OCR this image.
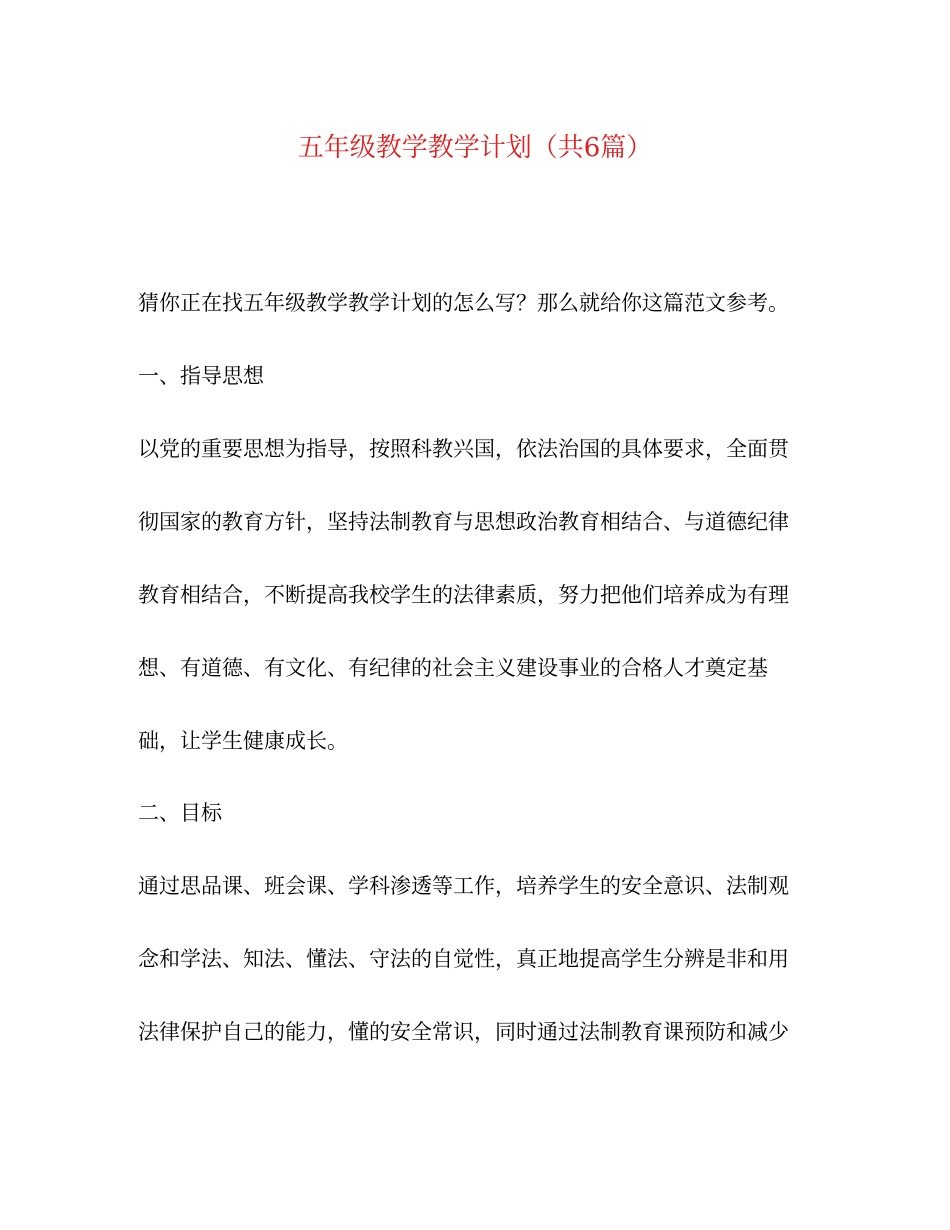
五年级教学教学计划（共6篇）
猜你正在找五年级教学教学计划的怎么写？那么就给你这篇范文参考。
一、指导思想
以党的重要思想为指导，按照科教兴国，依法治国的具体要求，全面贯
彻国家的教育方针，坚持法制教育与思想政治教育相结合、与道德纪律
教育相结合，不断提高我校学生的法律素质，努力把他们培养成为有理
想、有道德、有文化、有纪律的社会主义建设事业的合格人才奠定基
础，让学生健康成长。
二、目标
通过思品课、班会课、学科渗透等工作，培养学生的安全意识、法制观
念和学法、知法、懂法、守法的自觉性，真正地提高学生分辨是非和用
法律保护自己的能力，懂的安全常识，同时通过法制教育课预防和减少
